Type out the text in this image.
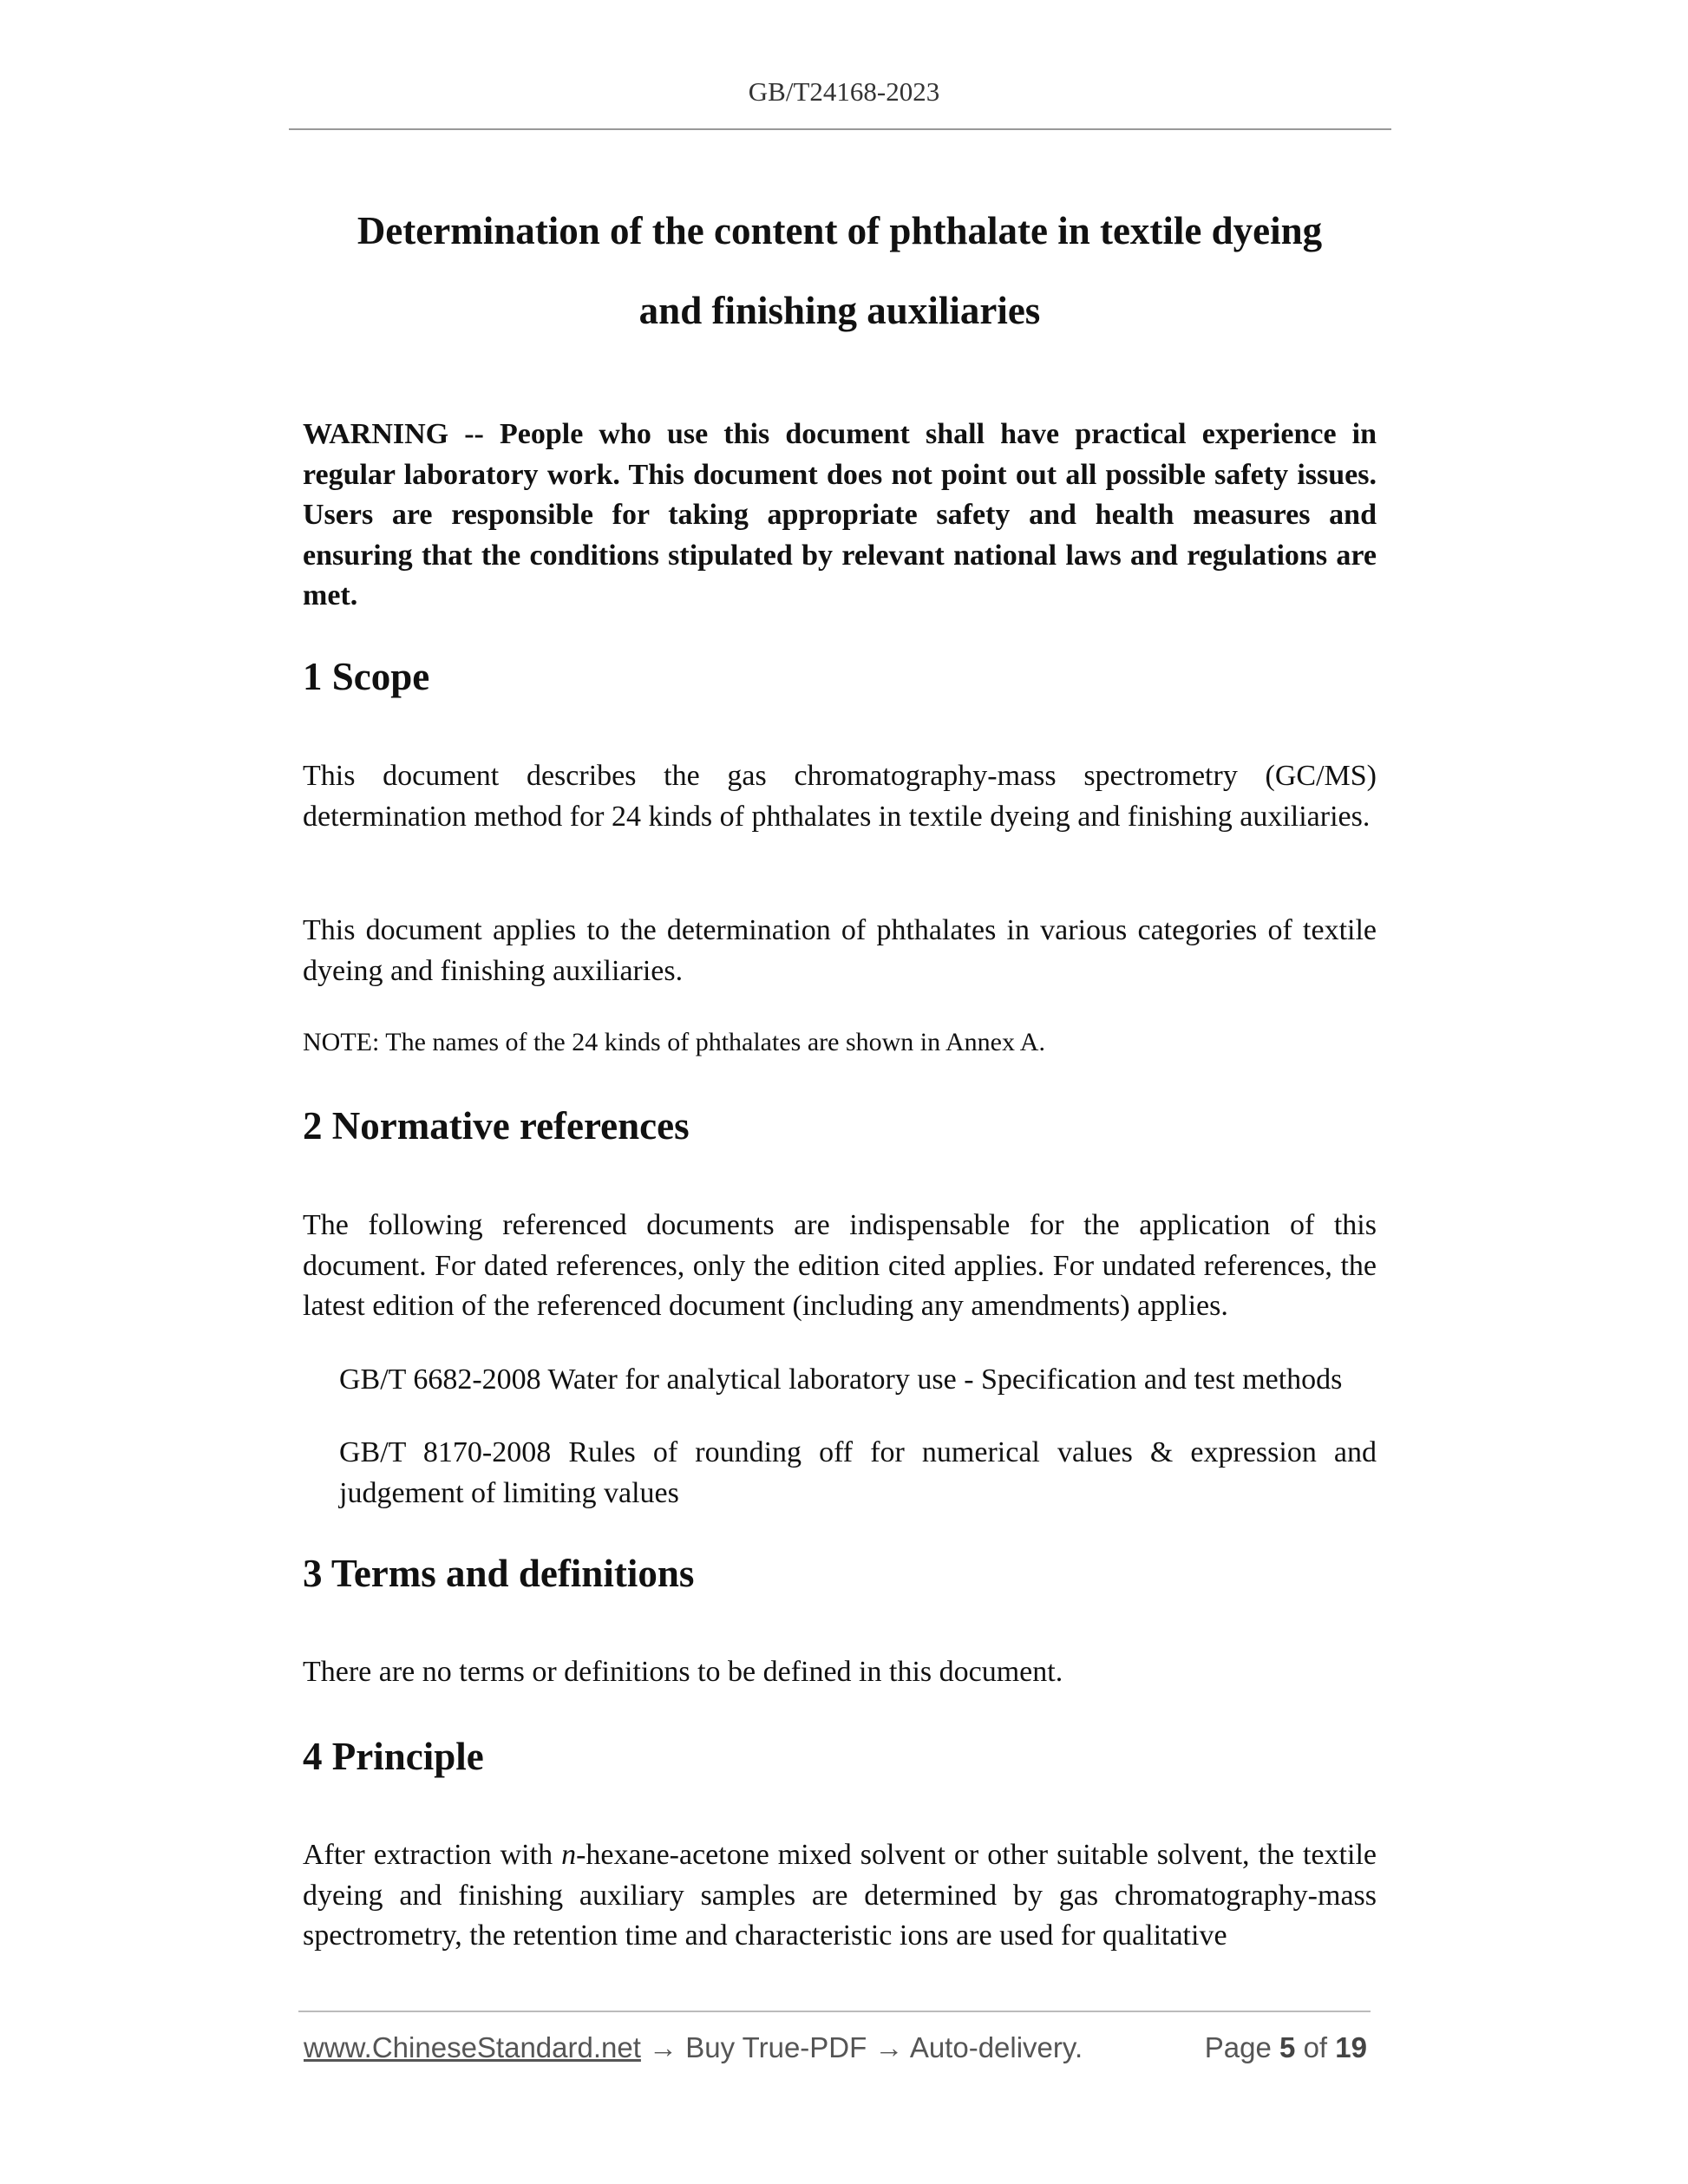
GB/T24168-2023
Determination of the content of phthalate in textile dyeing
and finishing auxiliaries

WARNING -- People who use this document shall have practical experience in regular laboratory work. This document does not point out all possible safety issues. Users are responsible for taking appropriate safety and health measures and ensuring that the conditions stipulated by relevant national laws and regulations are met.

1 Scope

This document describes the gas chromatography-mass spectrometry (GC/MS) determination method for 24 kinds of phthalates in textile dyeing and finishing auxiliaries.

This document applies to the determination of phthalates in various categories of textile dyeing and finishing auxiliaries.

NOTE: The names of the 24 kinds of phthalates are shown in Annex A.

2 Normative references

The following referenced documents are indispensable for the application of this document. For dated references, only the edition cited applies. For undated references, the latest edition of the referenced document (including any amendments) applies.

GB/T 6682-2008 Water for analytical laboratory use - Specification and test methods

GB/T 8170-2008 Rules of rounding off for numerical values & expression and judgement of limiting values

3 Terms and definitions

There are no terms or definitions to be defined in this document.

4 Principle

After extraction with n-hexane-acetone mixed solvent or other suitable solvent, the textile dyeing and finishing auxiliary samples are determined by gas chromatography-mass spectrometry, the retention time and characteristic ions are used for qualitative

www.ChineseStandard.net → Buy True-PDF → Auto-delivery.	Page 5 of 19
